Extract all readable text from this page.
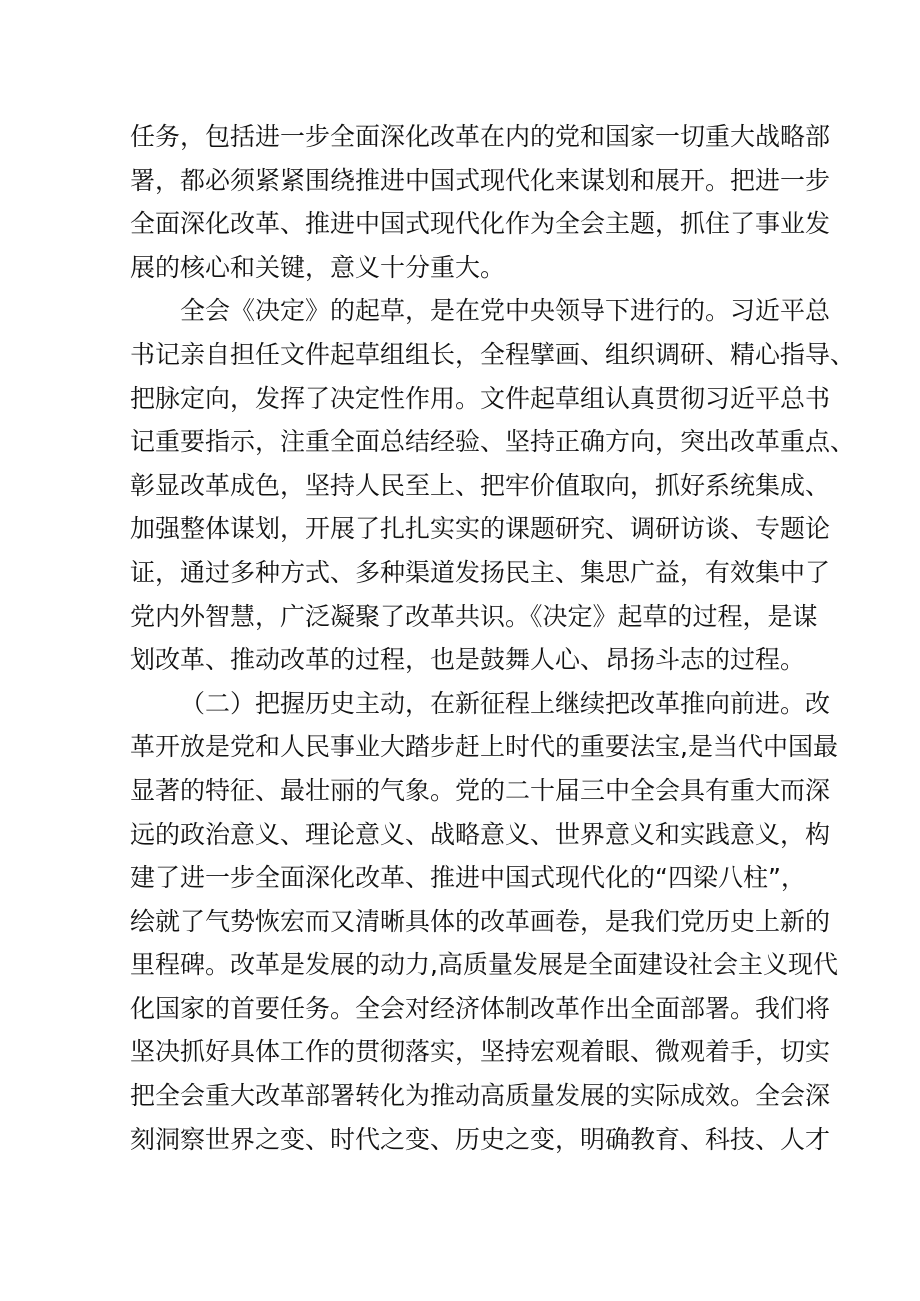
任务，包括进一步全面深化改革在内的党和国家一切重大战略部
署，都必须紧紧围绕推进中国式现代化来谋划和展开。把进一步
全面深化改革、推进中国式现代化作为全会主题，抓住了事业发
展的核心和关键，意义十分重大。
全会《决定》的起草，是在党中央领导下进行的。习近平总
书记亲自担任文件起草组组长，全程擘画、组织调研、精心指导、
把脉定向，发挥了决定性作用。文件起草组认真贯彻习近平总书
记重要指示，注重全面总结经验、坚持正确方向，突出改革重点、
彰显改革成色，坚持人民至上、把牢价值取向，抓好系统集成、
加强整体谋划，开展了扎扎实实的课题研究、调研访谈、专题论
证，通过多种方式、多种渠道发扬民主、集思广益，有效集中了
党内外智慧，广泛凝聚了改革共识。《决定》起草的过程，是谋
划改革、推动改革的过程，也是鼓舞人心、昂扬斗志的过程。
（二）把握历史主动，在新征程上继续把改革推向前进。改
革开放是党和人民事业大踏步赶上时代的重要法宝,是当代中国最
显著的特征、最壮丽的气象。党的二十届三中全会具有重大而深
远的政治意义、理论意义、战略意义、世界意义和实践意义，构
建了进一步全面深化改革、推进中国式现代化的“四梁八柱”，
绘就了气势恢宏而又清晰具体的改革画卷，是我们党历史上新的
里程碑。改革是发展的动力,高质量发展是全面建设社会主义现代
化国家的首要任务。全会对经济体制改革作出全面部署。我们将
坚决抓好具体工作的贯彻落实，坚持宏观着眼、微观着手，切实
把全会重大改革部署转化为推动高质量发展的实际成效。全会深
刻洞察世界之变、时代之变、历史之变，明确教育、科技、人才
